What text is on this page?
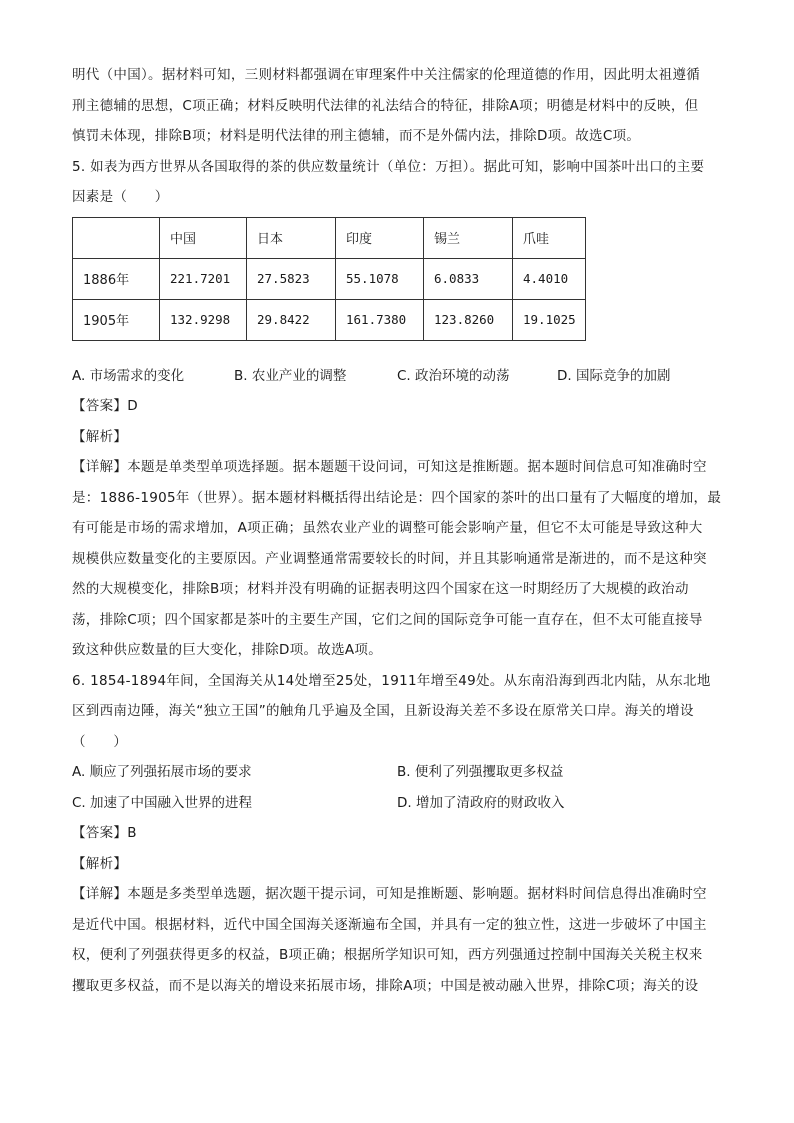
明代（中国）。据材料可知，三则材料都强调在审理案件中关注儒家的伦理道德的作用，因此明太祖遵循
刑主德辅的思想，C项正确；材料反映明代法律的礼法结合的特征，排除A项；明德是材料中的反映，但
慎罚未体现，排除B项；材料是明代法律的刑主德辅，而不是外儒内法，排除D项。故选C项。
5. 如表为西方世界从各国取得的茶的供应数量统计（单位：万担）。据此可知，影响中国茶叶出口的主要
因素是（　　）
	中国	日本	印度	锡兰	爪哇
1886年	221.7201	27.5823	55.1078	6.0833	4.4010
1905年	132.9298	29.8422	161.7380	123.8260	19.1025
A. 市场需求的变化	B. 农业产业的调整	C. 政治环境的动荡	D. 国际竞争的加剧
【答案】D
【解析】
【详解】本题是单类型单项选择题。据本题题干设问词，可知这是推断题。据本题时间信息可知准确时空
是：1886-1905年（世界）。据本题材料概括得出结论是：四个国家的茶叶的出口量有了大幅度的增加，最
有可能是市场的需求增加，A项正确；虽然农业产业的调整可能会影响产量，但它不太可能是导致这种大
规模供应数量变化的主要原因。产业调整通常需要较长的时间，并且其影响通常是渐进的，而不是这种突
然的大规模变化，排除B项；材料并没有明确的证据表明这四个国家在这一时期经历了大规模的政治动
荡，排除C项；四个国家都是茶叶的主要生产国，它们之间的国际竞争可能一直存在，但不太可能直接导
致这种供应数量的巨大变化，排除D项。故选A项。
6. 1854-1894年间，全国海关从14处增至25处，1911年增至49处。从东南沿海到西北内陆，从东北地
区到西南边陲，海关“独立王国”的触角几乎遍及全国，且新设海关差不多设在原常关口岸。海关的增设
（　　）
A. 顺应了列强拓展市场的要求	B. 便利了列强攫取更多权益
C. 加速了中国融入世界的进程	D. 增加了清政府的财政收入
【答案】B
【解析】
【详解】本题是多类型单选题，据次题干提示词，可知是推断题、影响题。据材料时间信息得出准确时空
是近代中国。根据材料，近代中国全国海关逐渐遍布全国，并具有一定的独立性，这进一步破坏了中国主
权，便利了列强获得更多的权益，B项正确；根据所学知识可知，西方列强通过控制中国海关关税主权来
攫取更多权益，而不是以海关的增设来拓展市场，排除A项；中国是被动融入世界，排除C项；海关的设
